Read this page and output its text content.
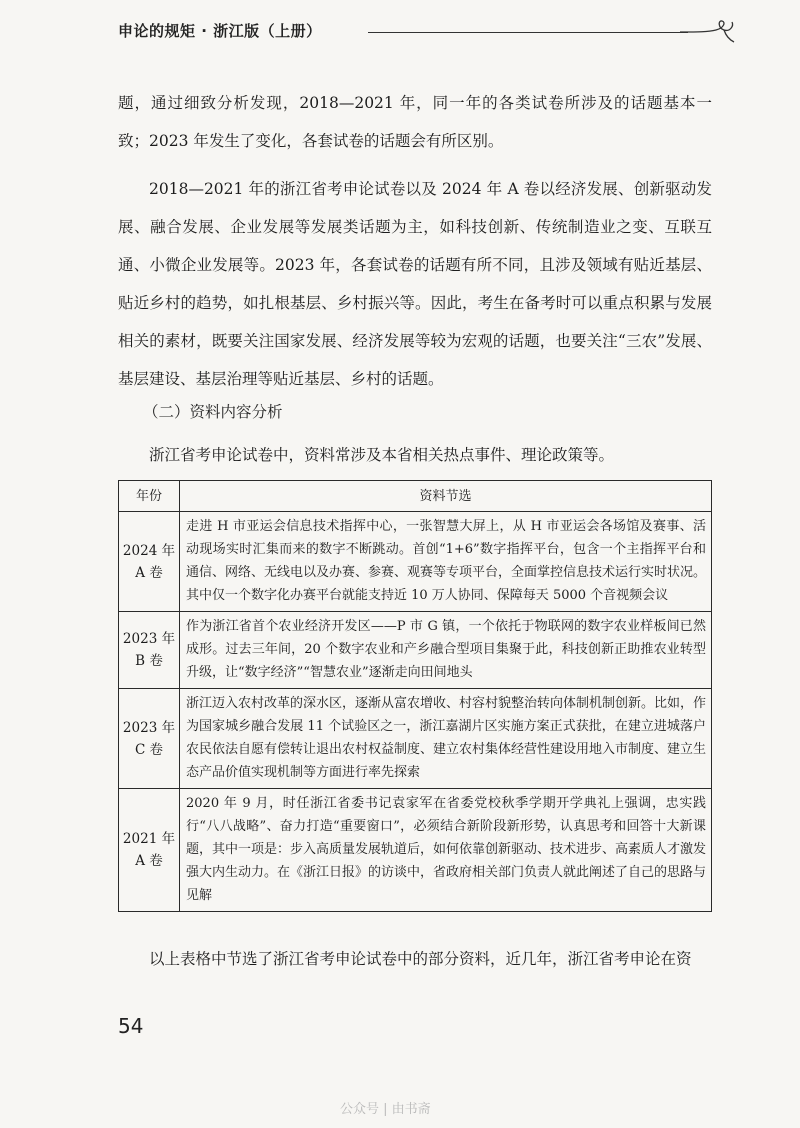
申论的规矩 · 浙江版（上册）
题，通过细致分析发现，2018—2021 年，同一年的各类试卷所涉及的话题基本一致；2023 年发生了变化，各套试卷的话题会有所区别。
2018—2021 年的浙江省考申论试卷以及 2024 年 A 卷以经济发展、创新驱动发展、融合发展、企业发展等发展类话题为主，如科技创新、传统制造业之变、互联互通、小微企业发展等。2023 年，各套试卷的话题有所不同，且涉及领域有贴近基层、贴近乡村的趋势，如扎根基层、乡村振兴等。因此，考生在备考时可以重点积累与发展相关的素材，既要关注国家发展、经济发展等较为宏观的话题，也要关注“三农”发展、基层建设、基层治理等贴近基层、乡村的话题。
（二）资料内容分析
浙江省考申论试卷中，资料常涉及本省相关热点事件、理论政策等。
年份	资料节选

2024 年
A 卷	走进 H 市亚运会信息技术指挥中心，一张智慧大屏上，从 H 市亚运会各场馆及赛事、活动现场实时汇集而来的数字不断跳动。首创“1+6”数字指挥平台，包含一个主指挥平台和通信、网络、无线电以及办赛、参赛、观赛等专项平台，全面掌控信息技术运行实时状况。其中仅一个数字化办赛平台就能支持近 10 万人协同、保障每天 5000 个音视频会议

2023 年
B 卷	作为浙江省首个农业经济开发区——P 市 G 镇，一个依托于物联网的数字农业样板间已然成形。过去三年间，20 个数字农业和产乡融合型项目集聚于此，科技创新正助推农业转型升级，让“数字经济”“智慧农业”逐渐走向田间地头

2023 年
C 卷	浙江迈入农村改革的深水区，逐渐从富农增收、村容村貌整治转向体制机制创新。比如，作为国家城乡融合发展 11 个试验区之一，浙江嘉湖片区实施方案正式获批，在建立进城落户农民依法自愿有偿转让退出农村权益制度、建立农村集体经营性建设用地入市制度、建立生态产品价值实现机制等方面进行率先探索

2021 年
A 卷	2020 年 9 月，时任浙江省委书记袁家军在省委党校秋季学期开学典礼上强调，忠实践行“八八战略”、奋力打造“重要窗口”，必须结合新阶段新形势，认真思考和回答十大新课题，其中一项是：步入高质量发展轨道后，如何依靠创新驱动、技术进步、高素质人才激发强大内生动力。在《浙江日报》的访谈中，省政府相关部门负责人就此阐述了自己的思路与见解
以上表格中节选了浙江省考申论试卷中的部分资料，近几年，浙江省考申论在资
54
公众号 | 由书斋
